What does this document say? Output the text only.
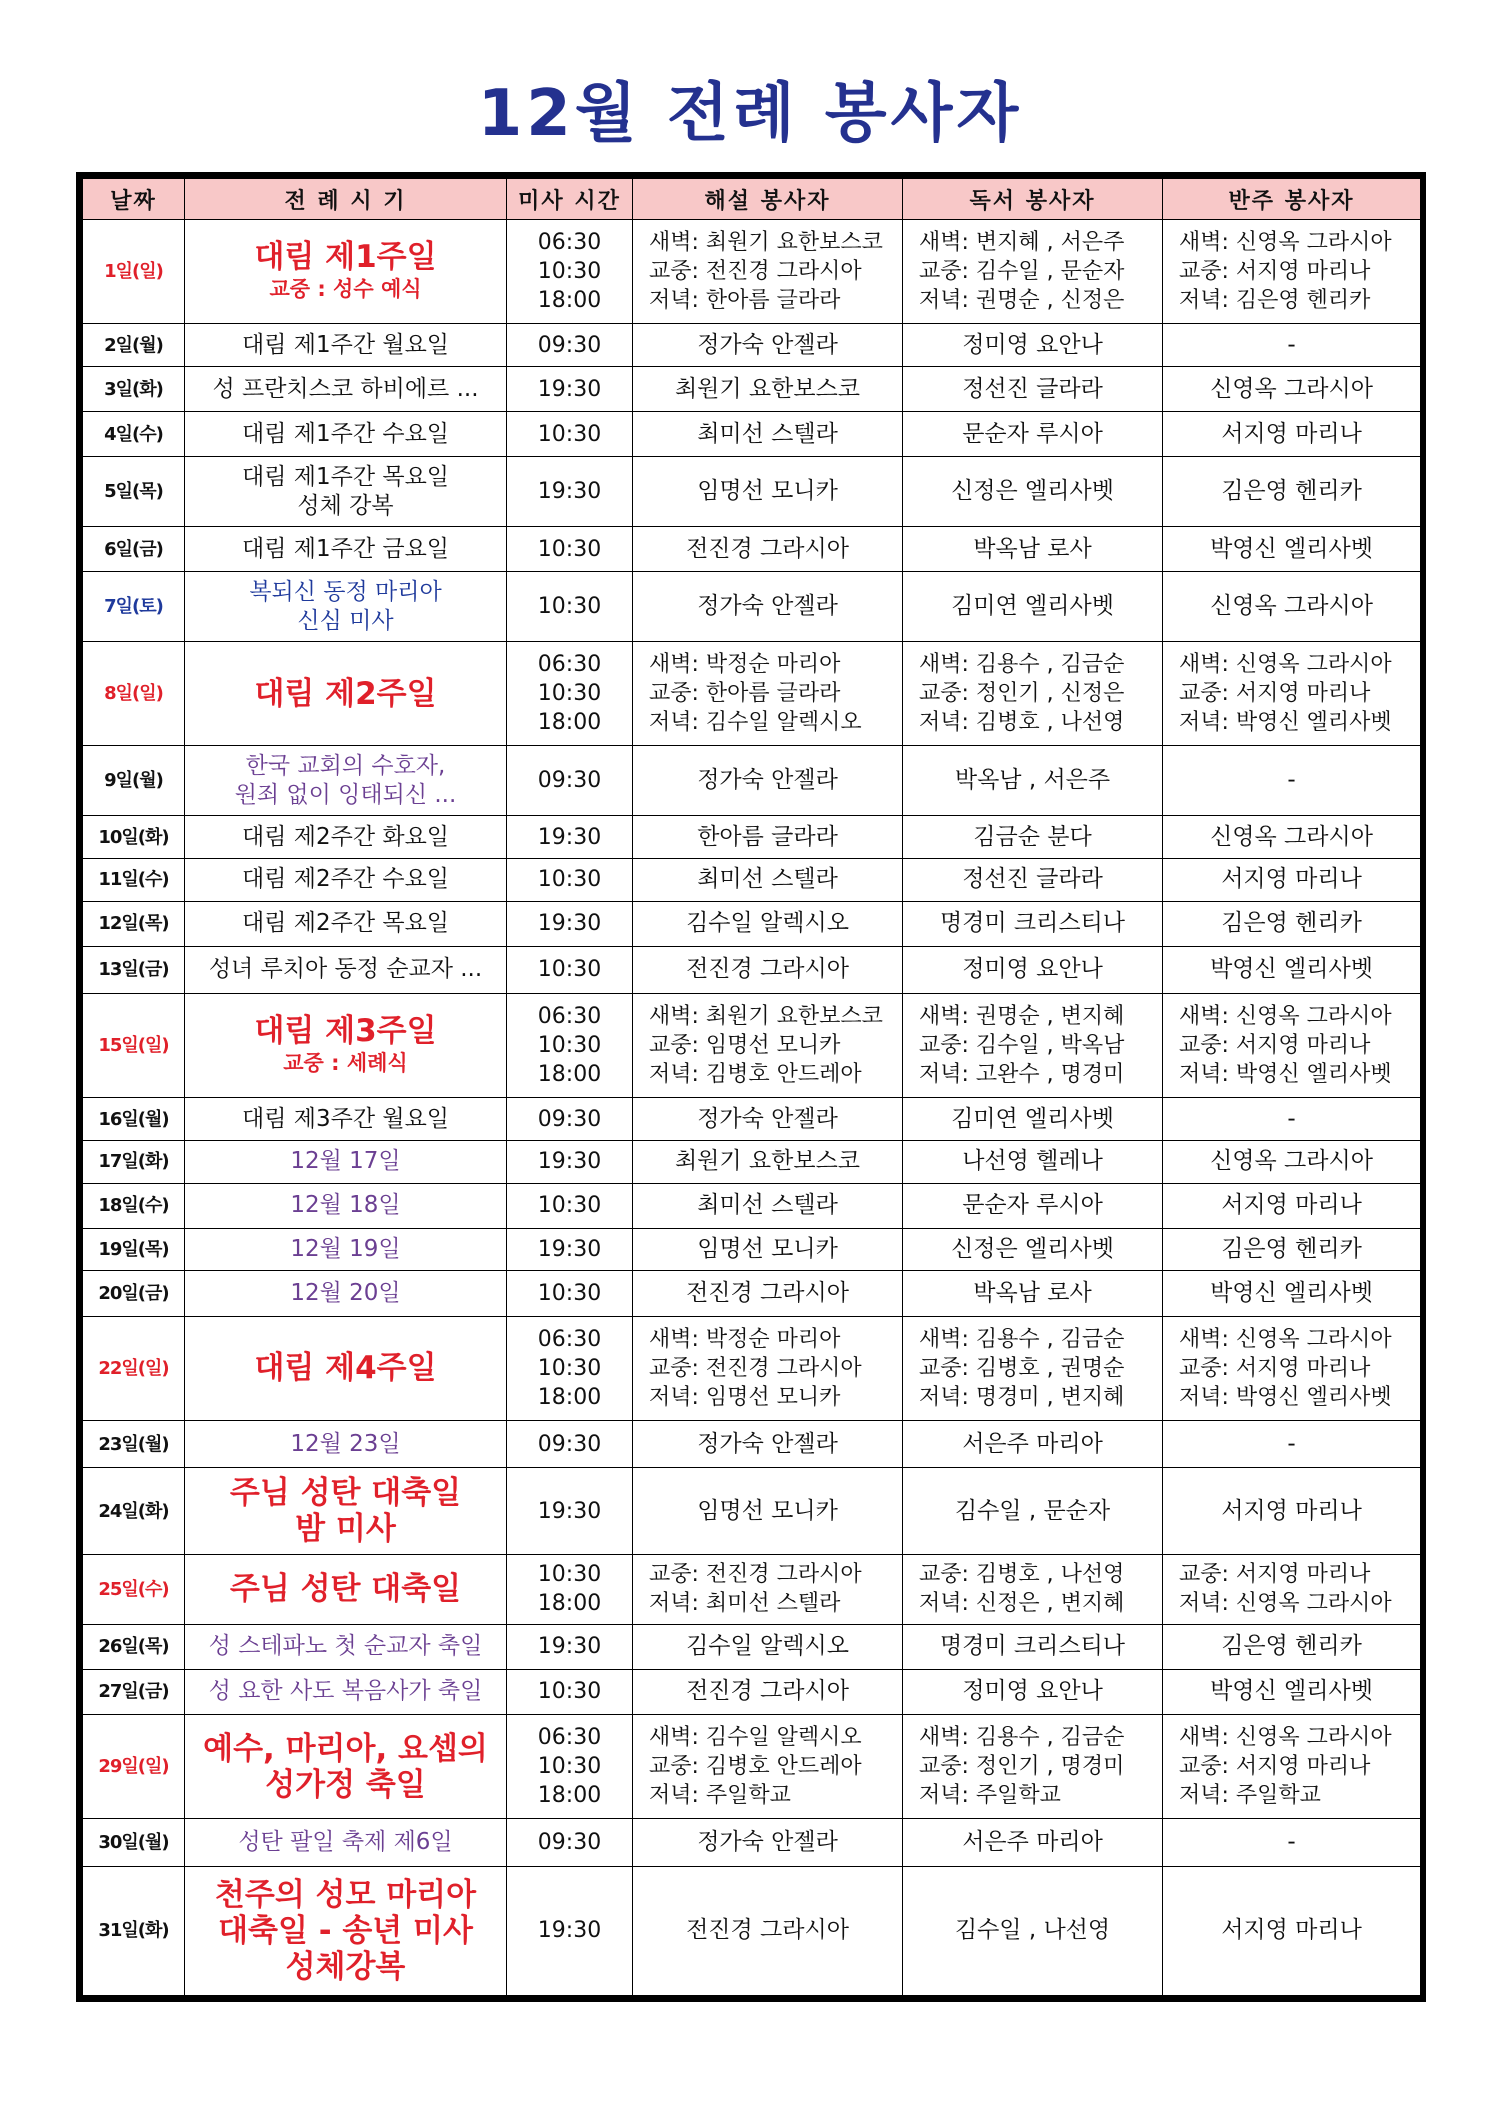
12월 전례 봉사자
날짜	전 례 시 기	미사 시간	해설 봉사자	독서 봉사자	반주 봉사자
1일(일)	대림 제1주일
교중 : 성수 예식	06:30
10:30
18:00	새벽: 최원기 요한보스코
교중: 전진경 그라시아
저녁: 한아름 글라라	새벽: 변지혜 , 서은주
교중: 김수일 , 문순자
저녁: 권명순 , 신정은	새벽: 신영옥 그라시아
교중: 서지영 마리나
저녁: 김은영 헨리카

2일(월)	대림 제1주간 월요일	09:30	정가숙 안젤라	정미영 요안나	-

3일(화)	성 프란치스코 하비에르 ...	19:30	최원기 요한보스코	정선진 글라라	신영옥 그라시아

4일(수)	대림 제1주간 수요일	10:30	최미선 스텔라	문순자 루시아	서지영 마리나

5일(목)	대림 제1주간 목요일
성체 강복	19:30	임명선 모니카	신정은 엘리사벳	김은영 헨리카

6일(금)	대림 제1주간 금요일	10:30	전진경 그라시아	박옥남 로사	박영신 엘리사벳

7일(토)	복되신 동정 마리아
신심 미사	10:30	정가숙 안젤라	김미연 엘리사벳	신영옥 그라시아

8일(일)	대림 제2주일	06:30
10:30
18:00	새벽: 박정순 마리아
교중: 한아름 글라라
저녁: 김수일 알렉시오	새벽: 김용수 , 김금순
교중: 정인기 , 신정은
저녁: 김병호 , 나선영	새벽: 신영옥 그라시아
교중: 서지영 마리나
저녁: 박영신 엘리사벳

9일(월)	한국 교회의 수호자,
원죄 없이 잉태되신 ...	09:30	정가숙 안젤라	박옥남 , 서은주	-

10일(화)	대림 제2주간 화요일	19:30	한아름 글라라	김금순 분다	신영옥 그라시아

11일(수)	대림 제2주간 수요일	10:30	최미선 스텔라	정선진 글라라	서지영 마리나

12일(목)	대림 제2주간 목요일	19:30	김수일 알렉시오	명경미 크리스티나	김은영 헨리카

13일(금)	성녀 루치아 동정 순교자 ...	10:30	전진경 그라시아	정미영 요안나	박영신 엘리사벳

15일(일)	대림 제3주일
교중 : 세례식	06:30
10:30
18:00	새벽: 최원기 요한보스코
교중: 임명선 모니카
저녁: 김병호 안드레아	새벽: 권명순 , 변지혜
교중: 김수일 , 박옥남
저녁: 고완수 , 명경미	새벽: 신영옥 그라시아
교중: 서지영 마리나
저녁: 박영신 엘리사벳

16일(월)	대림 제3주간 월요일	09:30	정가숙 안젤라	김미연 엘리사벳	-

17일(화)	12월 17일	19:30	최원기 요한보스코	나선영 헬레나	신영옥 그라시아

18일(수)	12월 18일	10:30	최미선 스텔라	문순자 루시아	서지영 마리나

19일(목)	12월 19일	19:30	임명선 모니카	신정은 엘리사벳	김은영 헨리카

20일(금)	12월 20일	10:30	전진경 그라시아	박옥남 로사	박영신 엘리사벳

22일(일)	대림 제4주일	06:30
10:30
18:00	새벽: 박정순 마리아
교중: 전진경 그라시아
저녁: 임명선 모니카	새벽: 김용수 , 김금순
교중: 김병호 , 권명순
저녁: 명경미 , 변지혜	새벽: 신영옥 그라시아
교중: 서지영 마리나
저녁: 박영신 엘리사벳

23일(월)	12월 23일	09:30	정가숙 안젤라	서은주 마리아	-

24일(화)	주님 성탄 대축일
밤 미사	19:30	임명선 모니카	김수일 , 문순자	서지영 마리나

25일(수)	주님 성탄 대축일	10:30
18:00	교중: 전진경 그라시아
저녁: 최미선 스텔라	교중: 김병호 , 나선영
저녁: 신정은 , 변지혜	교중: 서지영 마리나
저녁: 신영옥 그라시아

26일(목)	성 스테파노 첫 순교자 축일	19:30	김수일 알렉시오	명경미 크리스티나	김은영 헨리카

27일(금)	성 요한 사도 복음사가 축일	10:30	전진경 그라시아	정미영 요안나	박영신 엘리사벳

29일(일)	예수, 마리아, 요셉의
성가정 축일	06:30
10:30
18:00	새벽: 김수일 알렉시오
교중: 김병호 안드레아
저녁: 주일학교	새벽: 김용수 , 김금순
교중: 정인기 , 명경미
저녁: 주일학교	새벽: 신영옥 그라시아
교중: 서지영 마리나
저녁: 주일학교

30일(월)	성탄 팔일 축제 제6일	09:30	정가숙 안젤라	서은주 마리아	-

31일(화)	천주의 성모 마리아
대축일 - 송년 미사
성체강복	19:30	전진경 그라시아	김수일 , 나선영	서지영 마리나
